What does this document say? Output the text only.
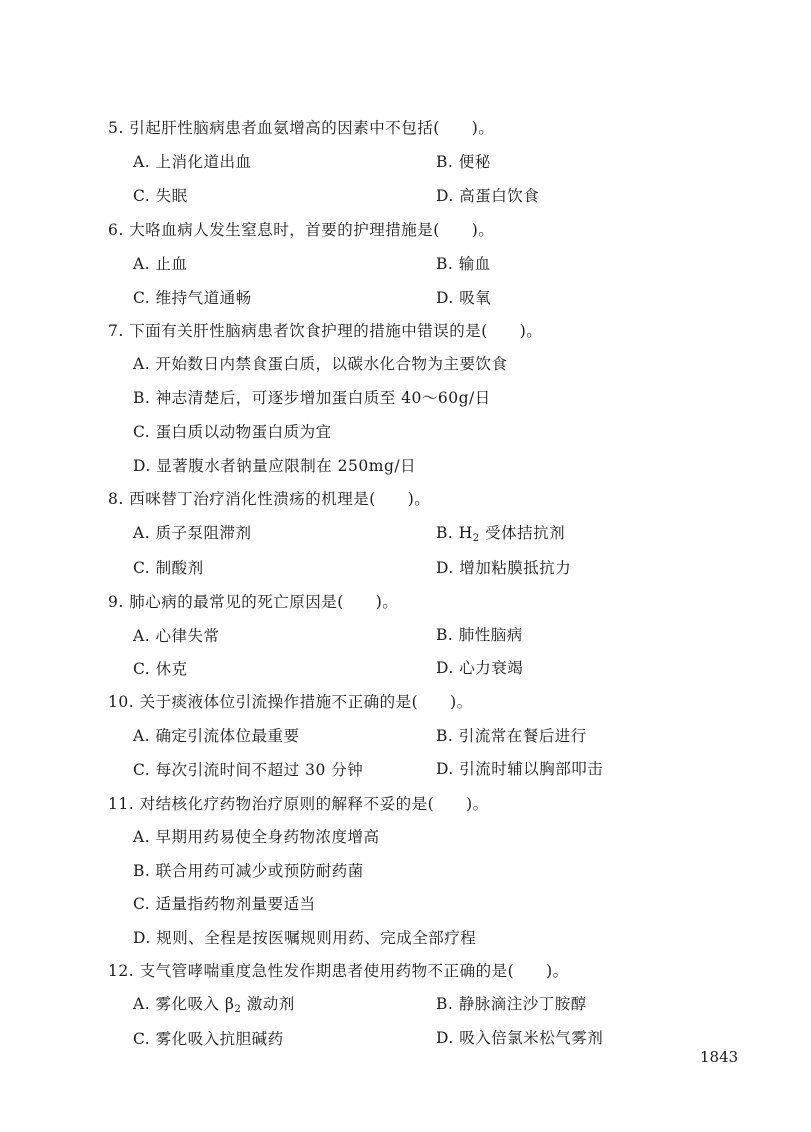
5. 引起肝性脑病患者血氨增高的因素中不包括(　　)。
A. 上消化道出血	B. 便秘
C. 失眠	D. 高蛋白饮食
6. 大咯血病人发生窒息时，首要的护理措施是(　　)。
A. 止血	B. 输血
C. 维持气道通畅	D. 吸氧
7. 下面有关肝性脑病患者饮食护理的措施中错误的是(　　)。
A. 开始数日内禁食蛋白质，以碳水化合物为主要饮食
B. 神志清楚后，可逐步增加蛋白质至 40～60g/日
C. 蛋白质以动物蛋白质为宜
D. 显著腹水者钠量应限制在 250mg/日
8. 西咪替丁治疗消化性溃疡的机理是(　　)。
A. 质子泵阻滞剂	B. $H_2$ 受体拮抗剂
C. 制酸剂	D. 增加粘膜抵抗力
9. 肺心病的最常见的死亡原因是(　　)。
A. 心律失常	B. 肺性脑病
C. 休克	D. 心力衰竭
10. 关于痰液体位引流操作措施不正确的是(　　)。
A. 确定引流体位最重要	B. 引流常在餐后进行
C. 每次引流时间不超过 30 分钟	D. 引流时辅以胸部叩击
11. 对结核化疗药物治疗原则的解释不妥的是(　　)。
A. 早期用药易使全身药物浓度增高
B. 联合用药可减少或预防耐药菌
C. 适量指药物剂量要适当
D. 规则、全程是按医嘱规则用药、完成全部疗程
12. 支气管哮喘重度急性发作期患者使用药物不正确的是(　　)。
A. 雾化吸入 $\beta_2$ 激动剂	B. 静脉滴注沙丁胺醇
C. 雾化吸入抗胆碱药	D. 吸入倍氯米松气雾剂
1843
